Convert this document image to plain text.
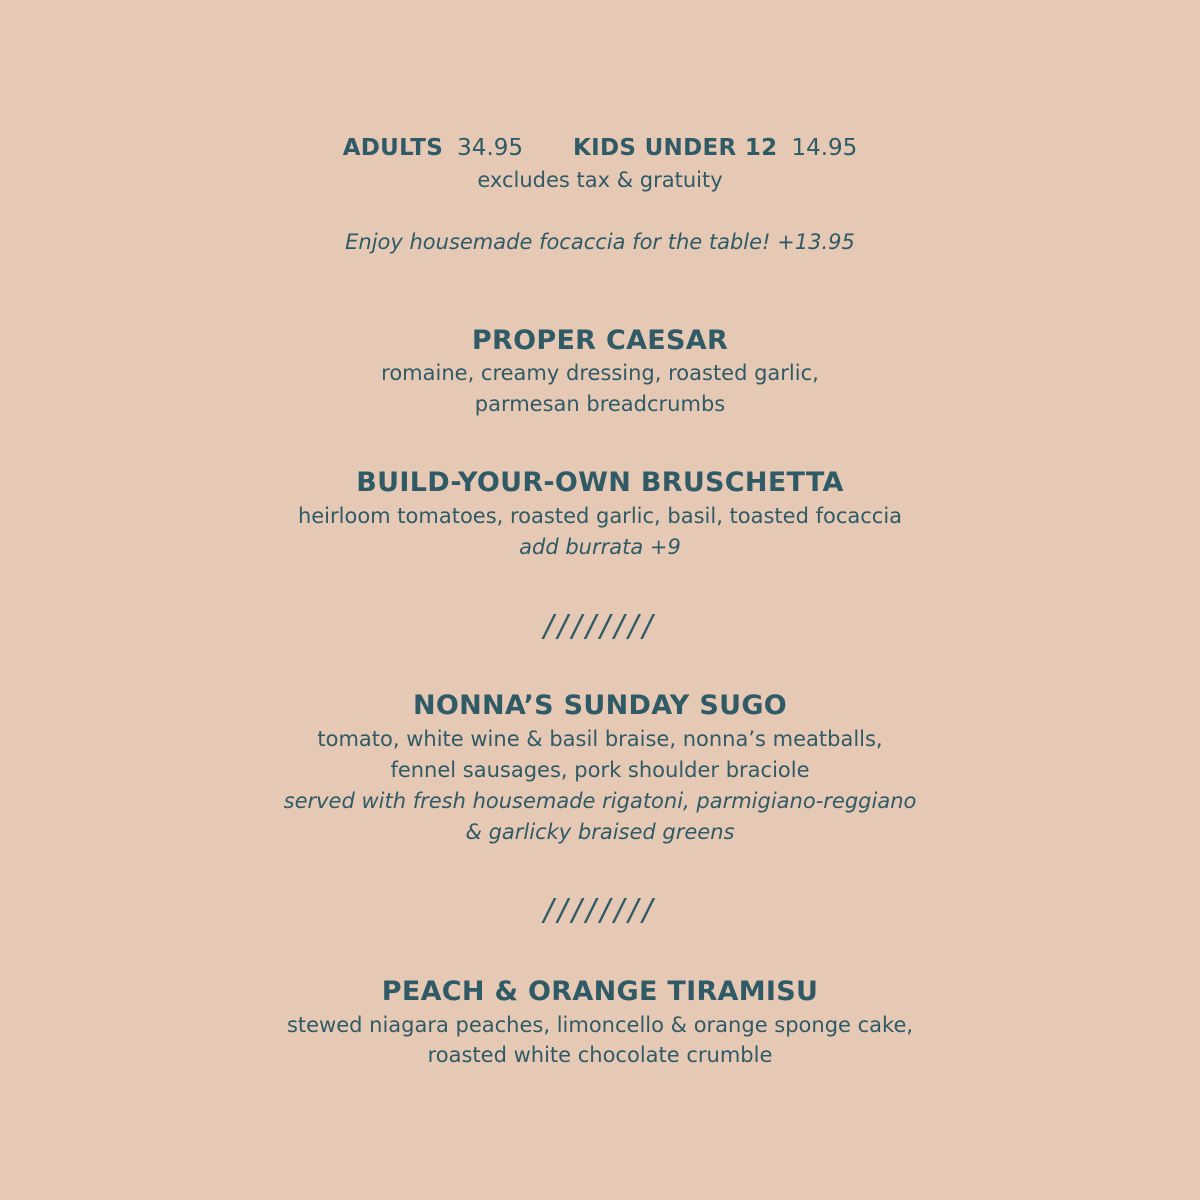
ADULTS 34.95 KIDS UNDER 12 14.95
excludes tax & gratuity
Enjoy housemade focaccia for the table! +13.95
PROPER CAESAR
romaine, creamy dressing, roasted garlic,
parmesan breadcrumbs
BUILD-YOUR-OWN BRUSCHETTA
heirloom tomatoes, roasted garlic, basil, toasted focaccia
add burrata +9
////////
NONNA’S SUNDAY SUGO
tomato, white wine & basil braise, nonna’s meatballs,
fennel sausages, pork shoulder braciole
served with fresh housemade rigatoni, parmigiano-reggiano
& garlicky braised greens
////////
PEACH & ORANGE TIRAMISU
stewed niagara peaches, limoncello & orange sponge cake,
roasted white chocolate crumble
